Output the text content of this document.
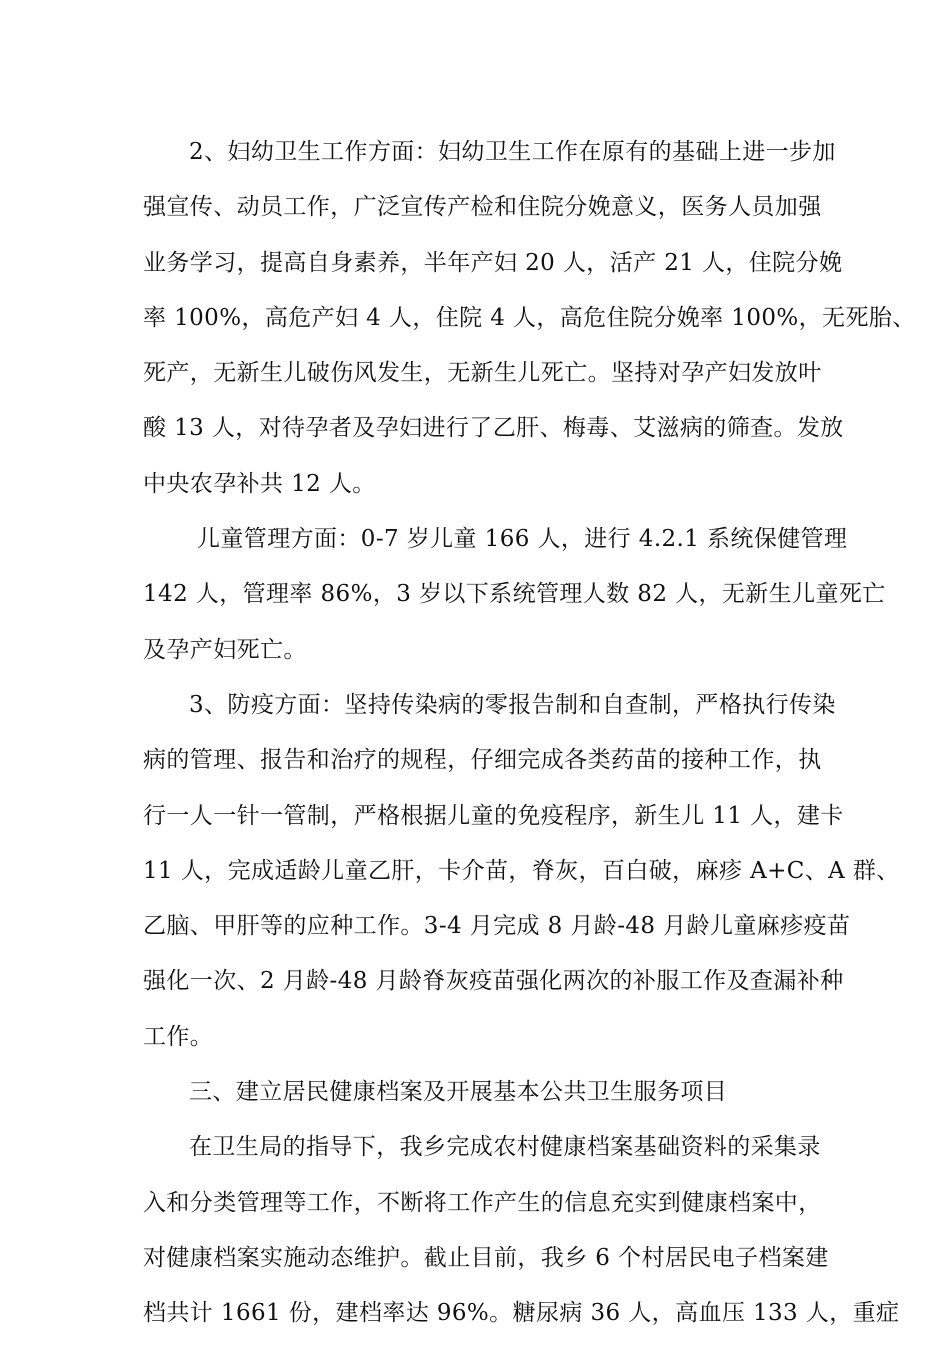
2、妇幼卫生工作方面：妇幼卫生工作在原有的基础上进一步加
强宣传、动员工作，广泛宣传产检和住院分娩意义，医务人员加强
业务学习，提高自身素养，半年产妇 20 人，活产 21 人，住院分娩
率 100%，高危产妇 4 人，住院 4 人，高危住院分娩率 100%，无死胎、
死产，无新生儿破伤风发生，无新生儿死亡。坚持对孕产妇发放叶
酸 13 人，对待孕者及孕妇进行了乙肝、梅毒、艾滋病的筛查。发放
中央农孕补共 12 人。
儿童管理方面：0-7 岁儿童 166 人，进行 4.2.1 系统保健管理
142 人，管理率 86%，3 岁以下系统管理人数 82 人，无新生儿童死亡
及孕产妇死亡。
3、防疫方面：坚持传染病的零报告制和自查制，严格执行传染
病的管理、报告和治疗的规程，仔细完成各类药苗的接种工作，执
行一人一针一管制，严格根据儿童的免疫程序，新生儿 11 人，建卡
11 人，完成适龄儿童乙肝，卡介苗，脊灰，百白破，麻疹 A+C、A 群、
乙脑、甲肝等的应种工作。3-4 月完成 8 月龄-48 月龄儿童麻疹疫苗
强化一次、2 月龄-48 月龄脊灰疫苗强化两次的补服工作及查漏补种
工作。
三、建立居民健康档案及开展基本公共卫生服务项目
在卫生局的指导下，我乡完成农村健康档案基础资料的采集录
入和分类管理等工作，不断将工作产生的信息充实到健康档案中，
对健康档案实施动态维护。截止目前，我乡 6 个村居民电子档案建
档共计 1661 份，建档率达 96%。糖尿病 36 人，高血压 133 人，重症
